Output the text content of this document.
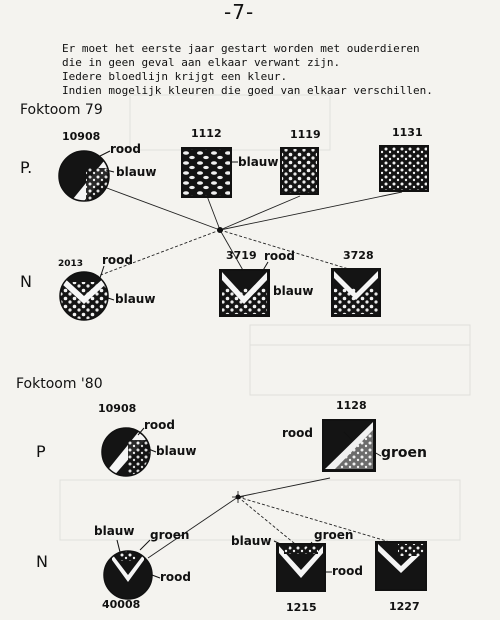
-7-
Er moet het eerste jaar gestart worden met ouderdieren
die in geen geval aan elkaar verwant zijn.
Iedere bloedlijn krijgt een kleur.
Indien mogelijk kleuren die goed van elkaar verschillen.
Foktoom 79
P.
N
10908
rood
blauw
1112
blauw
1119	1131
2013 rood
blauw
3719 rood
blauw
3728
Foktoom '80
P
N
10908
rood
blauw
1128
rood
groen
blauw groen
rood
40008
blauw	groen
rood
1215	1227
